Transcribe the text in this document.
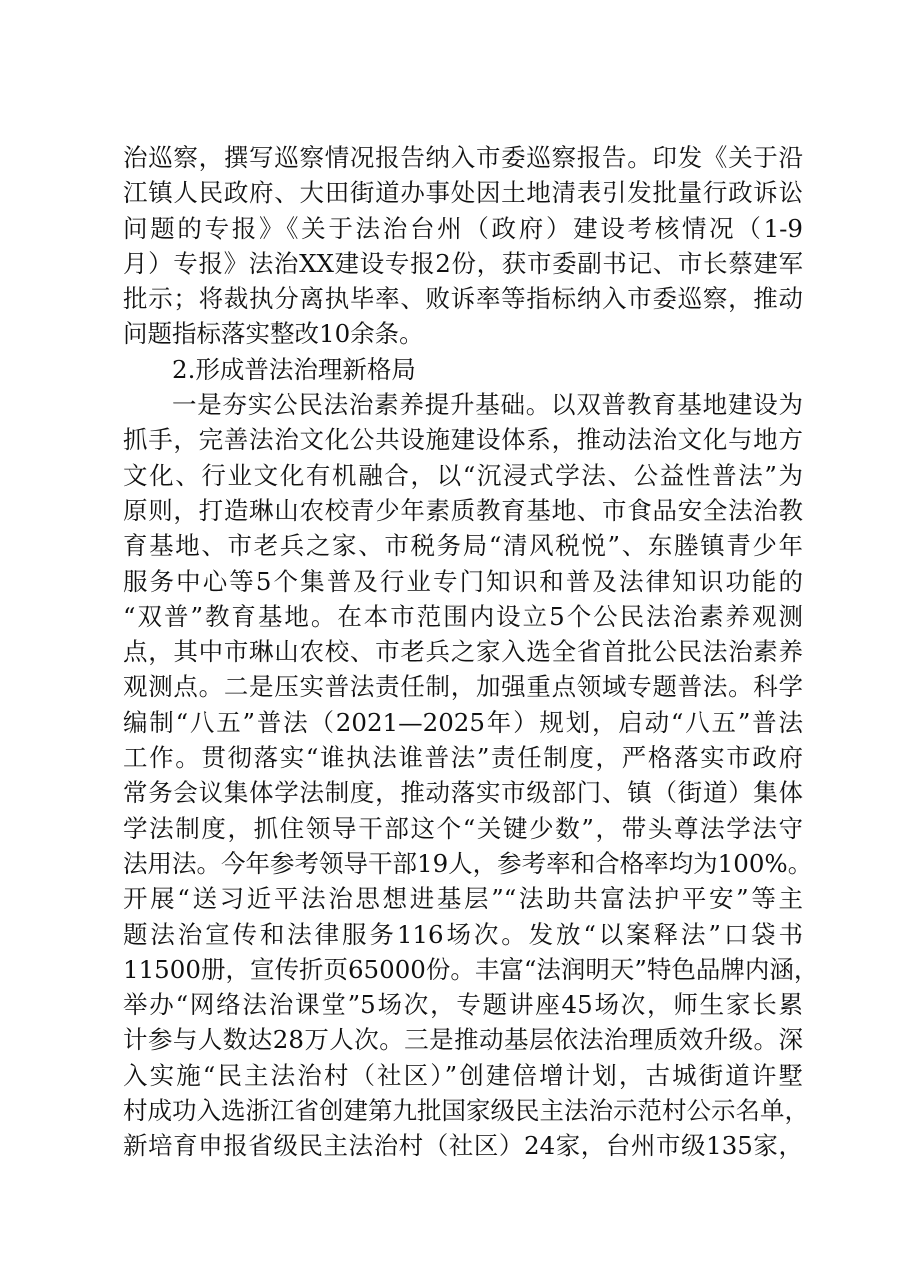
治巡察，撰写巡察情况报告纳入市委巡察报告。印发《关于沿
江镇人民政府、大田街道办事处因土地清表引发批量行政诉讼
问题的专报》《关于法治台州（政府）建设考核情况（1-9
月）专报》法治XX建设专报2份，获市委副书记、市长蔡建军
批示；将裁执分离执毕率、败诉率等指标纳入市委巡察，推动
问题指标落实整改10余条。
2.形成普法治理新格局
一是夯实公民法治素养提升基础。以双普教育基地建设为
抓手，完善法治文化公共设施建设体系，推动法治文化与地方
文化、行业文化有机融合，以“沉浸式学法、公益性普法”为
原则，打造琳山农校青少年素质教育基地、市食品安全法治教
育基地、市老兵之家、市税务局“清风税悦”、东塍镇青少年
服务中心等5个集普及行业专门知识和普及法律知识功能的
“双普”教育基地。在本市范围内设立5个公民法治素养观测
点，其中市琳山农校、市老兵之家入选全省首批公民法治素养
观测点。二是压实普法责任制，加强重点领域专题普法。科学
编制“八五”普法（2021—2025年）规划，启动“八五”普法
工作。贯彻落实“谁执法谁普法”责任制度，严格落实市政府
常务会议集体学法制度，推动落实市级部门、镇（街道）集体
学法制度，抓住领导干部这个“关键少数”，带头尊法学法守
法用法。今年参考领导干部19人，参考率和合格率均为100%。
开展“送习近平法治思想进基层”“法助共富法护平安”等主
题法治宣传和法律服务116场次。发放“以案释法”口袋书
11500册，宣传折页65000份。丰富“法润明天”特色品牌内涵，
举办“网络法治课堂”5场次，专题讲座45场次，师生家长累
计参与人数达28万人次。三是推动基层依法治理质效升级。深
入实施“民主法治村（社区）”创建倍增计划，古城街道许墅
村成功入选浙江省创建第九批国家级民主法治示范村公示名单，
新培育申报省级民主法治村（社区）24家，台州市级135家，
